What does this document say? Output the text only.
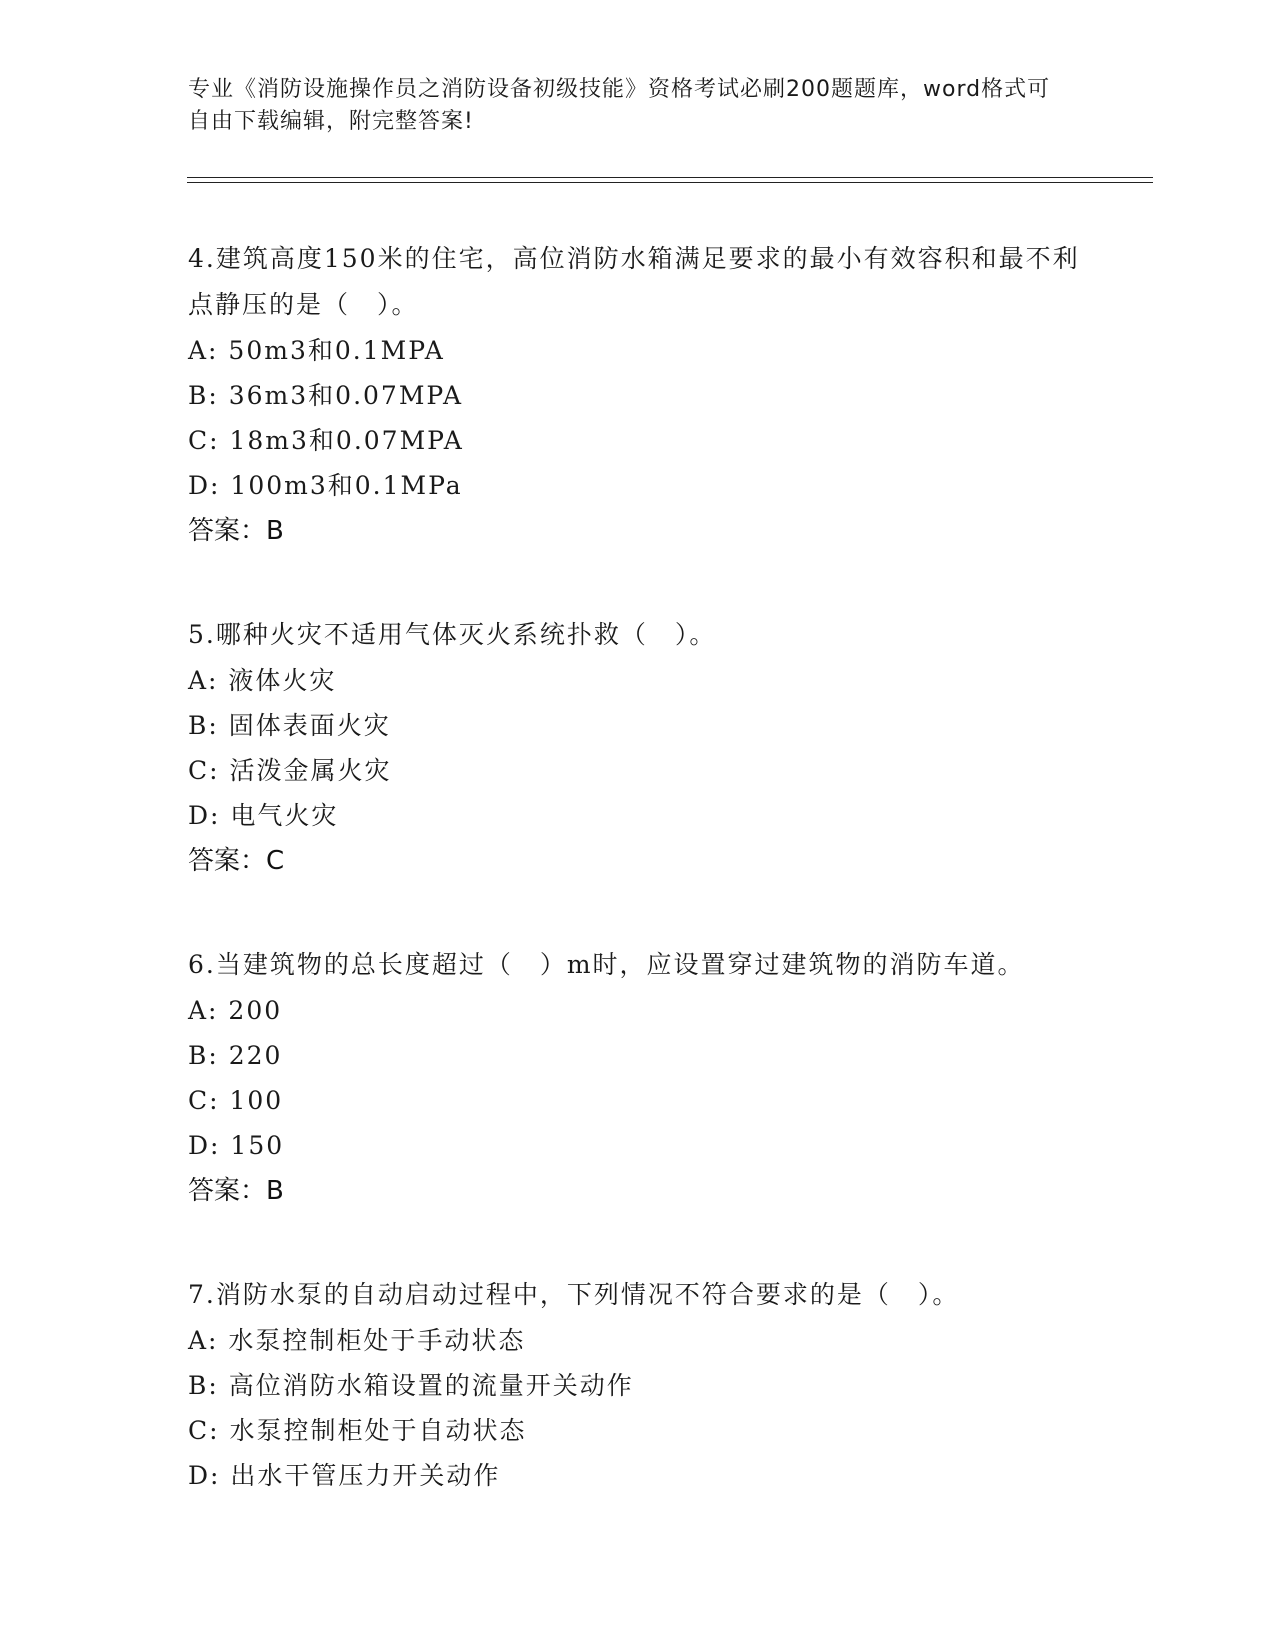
专业《消防设施操作员之消防设备初级技能》资格考试必刷200题题库，word格式可自由下载编辑，附完整答案!
4.建筑高度150米的住宅，高位消防水箱满足要求的最小有效容积和最不利点静压的是（　）。
A: 50m3和0.1MPA
B: 36m3和0.07MPA
C: 18m3和0.07MPA
D: 100m3和0.1MPa
答案：B
5.哪种火灾不适用气体灭火系统扑救（　）。
A: 液体火灾
B: 固体表面火灾
C: 活泼金属火灾
D: 电气火灾
答案：C
6.当建筑物的总长度超过（　）m时，应设置穿过建筑物的消防车道。
A: 200
B: 220
C: 100
D: 150
答案：B
7.消防水泵的自动启动过程中，下列情况不符合要求的是（　）。
A: 水泵控制柜处于手动状态
B: 高位消防水箱设置的流量开关动作
C: 水泵控制柜处于自动状态
D: 出水干管压力开关动作
